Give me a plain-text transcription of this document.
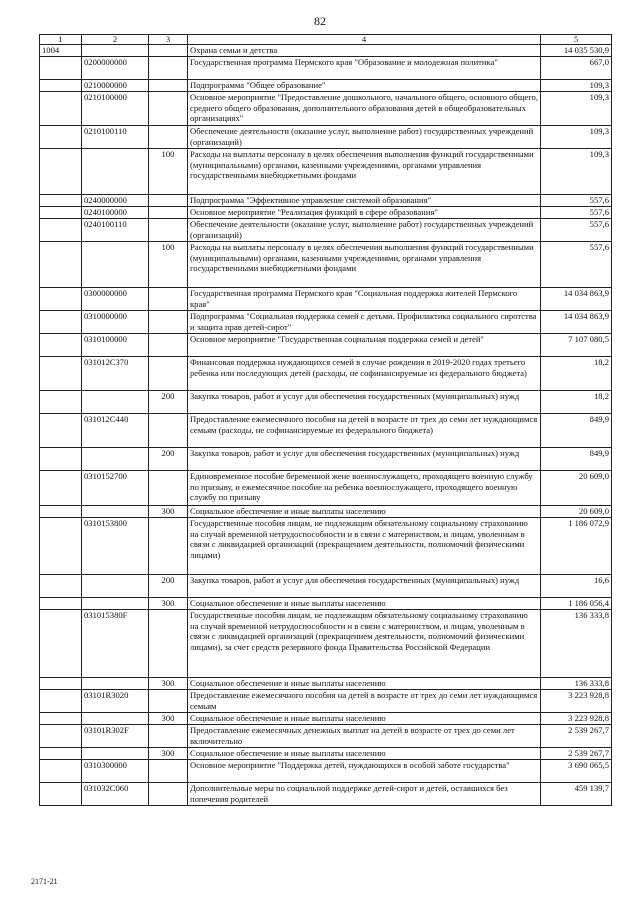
82
1	2	3	4	5
1004			Охрана семьи и детства	14 035 530,9
	0200000000		Государственная программа Пермского края "Образование и молодежная политика"	667,0
	0210000000		Подпрограмма "Общее образование"	109,3
	0210100000		Основное мероприятие "Предоставление дошкольного, начального общего, основного общего, среднего общего образования, дополнительного образования детей в общеобразовательных организациях"	109,3
	0210100110		Обеспечение деятельности (оказание услуг, выполнение работ) государственных учреждений (организаций)	109,3
		100	Расходы на выплаты персоналу в целях обеспечения выполнения функций государственными (муниципальными) органами, казенными учреждениями, органами управления государственными внебюджетными фондами	109,3
	0240000000		Подпрограмма "Эффективное управление системой образования"	557,6
	0240100000		Основное мероприятие "Реализация функций в сфере образования"	557,6
	0240100110		Обеспечение деятельности (оказание услуг, выполнение работ) государственных учреждений (организаций)	557,6
		100	Расходы на выплаты персоналу в целях обеспечения выполнения функций государственными (муниципальными) органами, казенными учреждениями, органами управления государственными внебюджетными фондами	557,6
	0300000000		Государственная программа Пермского края "Социальная поддержка жителей Пермского края"	14 034 863,9
	0310000000		Подпрограмма "Социальная поддержка семей с детьми. Профилактика социального сиротства и защита прав детей-сирот"	14 034 863,9
	0310100000		Основное мероприятие "Государственная социальная поддержка семей и детей"	7 107 080,5
	031012С370		Финансовая поддержка нуждающихся семей в случае рождения в 2019-2020 годах третьего ребенка или последующих детей (расходы, не софинансируемые из федерального бюджета)	18,2
		200	Закупка товаров, работ и услуг для обеспечения государственных (муниципальных) нужд	18,2
	031012С440		Предоставление ежемесячного пособия на детей в возрасте от трех до семи лет нуждающимся семьям (расходы, не софинансируемые из федерального бюджета)	849,9
		200	Закупка товаров, работ и услуг для обеспечения государственных (муниципальных) нужд	849,9
	0310152700		Единовременное пособие беременной жене военнослужащего, проходящего военную службу по призыву, и ежемесячное пособие на ребенка военнослужащего, проходящего военную службу по призыву	20 609,0
		300	Социальное обеспечение и иные выплаты населению	20 609,0
	0310153800		Государственные пособия лицам, не подлежащим обязательному социальному страхованию на случай временной нетрудоспособности и в связи с материнством, и лицам, уволенным в связи с ликвидацией организаций (прекращением деятельности, полномочий физическими лицами)	1 186 072,9
		200	Закупка товаров, работ и услуг для обеспечения государственных (муниципальных) нужд	16,6
		300	Социальное обеспечение и иные выплаты населению	1 186 056,4
	031015380F		Государственные пособия лицам, не подлежащим обязательному социальному страхованию на случай временной нетрудоспособности и в связи с материнством, и лицам, уволенным в связи с ликвидацией организаций (прекращением деятельности, полномочий физическими лицами), за счет средств резервного фонда Правительства Российской Федерации	136 333,8
		300	Социальное обеспечение и иные выплаты населению	136 333,8
	03101R3020		Предоставление ежемесячного пособия на детей в возрасте от трех до семи лет нуждающимся семьям	3 223 928,8
		300	Социальное обеспечение и иные выплаты населению	3 223 928,8
	03101R302F		Предоставление ежемесячных денежных выплат на детей в возрасте от трех до семи лет включительно	2 539 267,7
		300	Социальное обеспечение и иные выплаты населению	2 539 267,7
	0310300000		Основное мероприятие "Поддержка детей, нуждающихся в особой заботе государства"	3 690 065,5
	031032С060		Дополнительные меры по социальной поддержке детей-сирот и детей, оставшихся без попечения родителей	459 139,7
2171-21
